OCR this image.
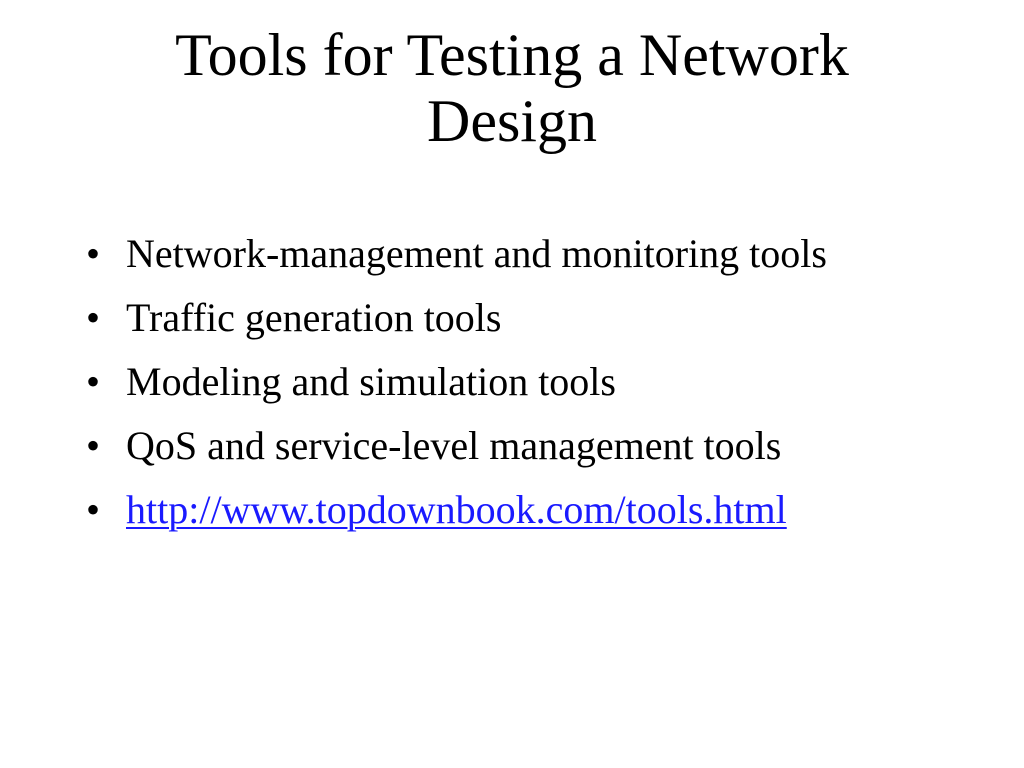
Tools for Testing a Network
Design
• Network-management and monitoring tools
• Traffic generation tools
• Modeling and simulation tools
• QoS and service-level management tools
• http://www.topdownbook.com/tools.html
